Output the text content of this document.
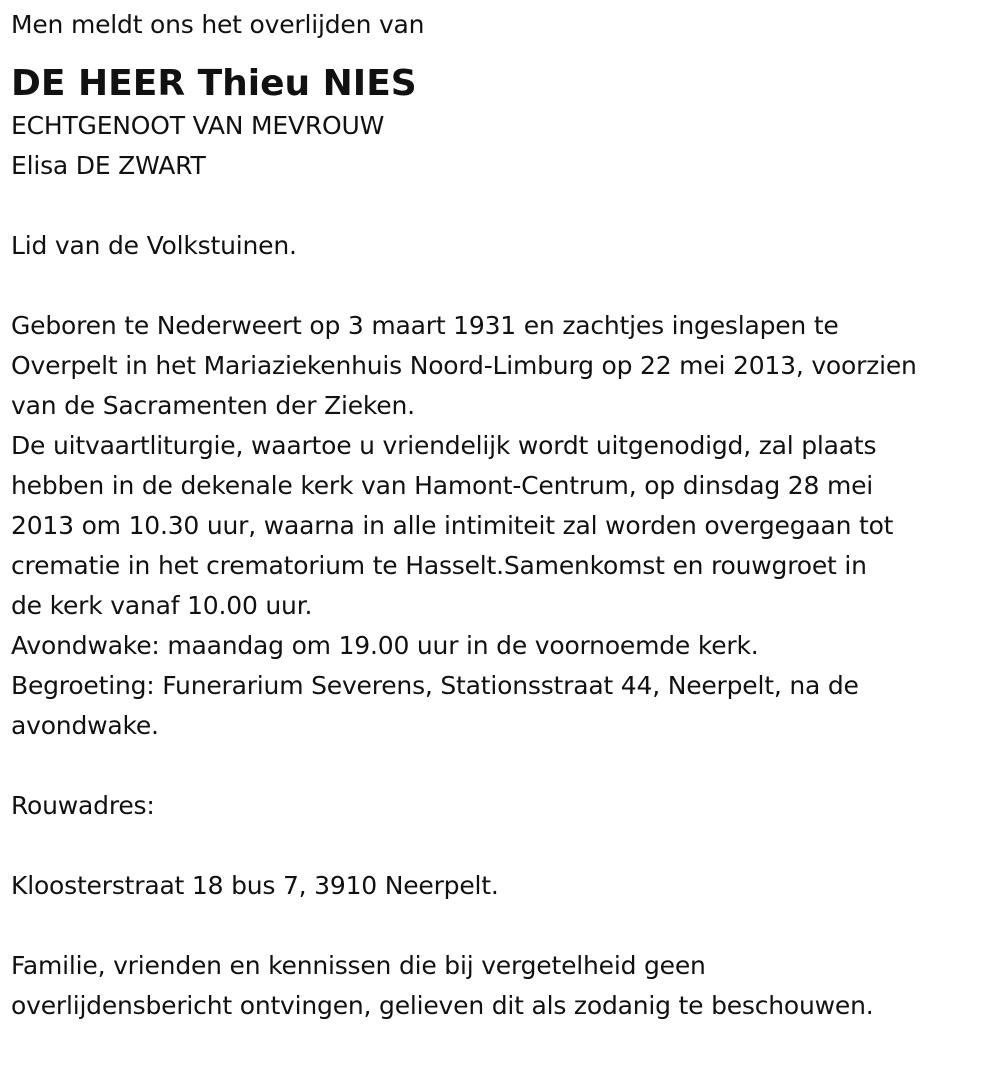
Men meldt ons het overlijden van
DE HEER Thieu NIES
ECHTGENOOT VAN MEVROUW
Elisa DE ZWART
Lid van de Volkstuinen.
Geboren te Nederweert op 3 maart 1931 en zachtjes ingeslapen te
Overpelt in het Mariaziekenhuis Noord-Limburg op 22 mei 2013, voorzien
van de Sacramenten der Zieken.
De uitvaartliturgie, waartoe u vriendelijk wordt uitgenodigd, zal plaats
hebben in de dekenale kerk van Hamont-Centrum, op dinsdag 28 mei
2013 om 10.30 uur, waarna in alle intimiteit zal worden overgegaan tot
crematie in het crematorium te Hasselt.Samenkomst en rouwgroet in
de kerk vanaf 10.00 uur.
Avondwake: maandag om 19.00 uur in de voornoemde kerk.
Begroeting: Funerarium Severens, Stationsstraat 44, Neerpelt, na de
avondwake.
Rouwadres:
Kloosterstraat 18 bus 7, 3910 Neerpelt.
Familie, vrienden en kennissen die bij vergetelheid geen
overlijdensbericht ontvingen, gelieven dit als zodanig te beschouwen.
